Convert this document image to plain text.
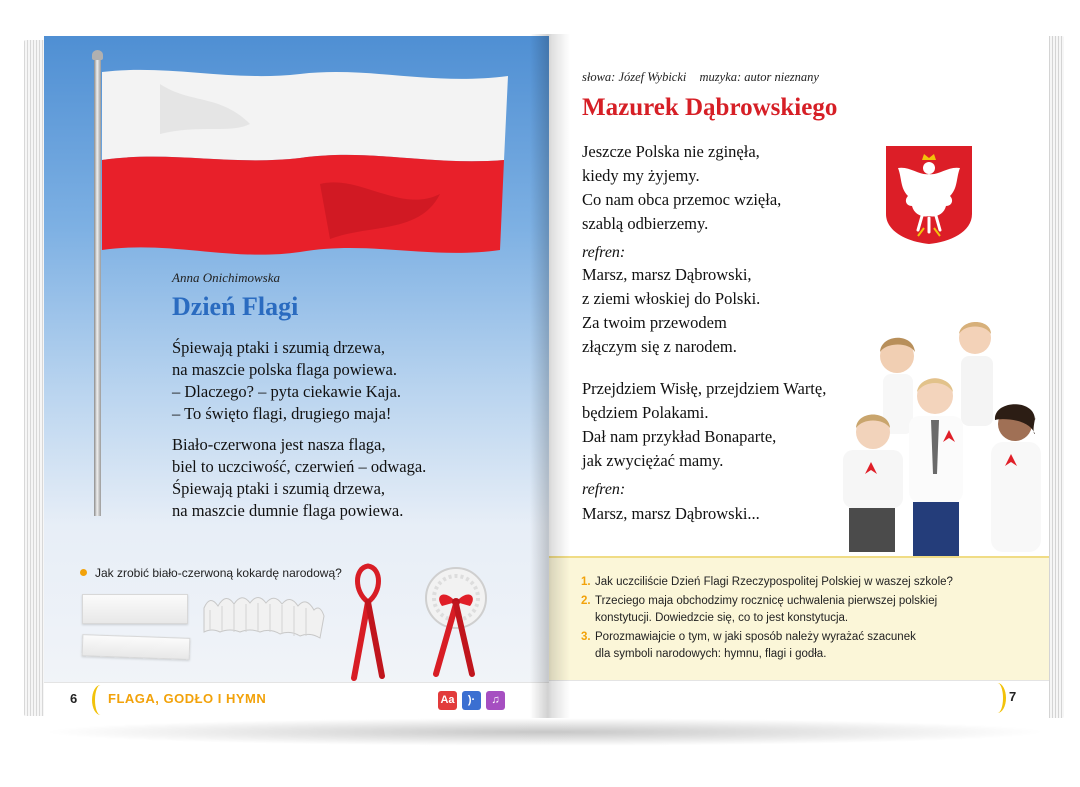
Anna Onichimowska
Dzień Flagi
Śpiewają ptaki i szumią drzewa,
na maszcie polska flaga powiewa.
– Dlaczego? – pyta ciekawie Kaja.
– To święto flagi, drugiego maja!
Biało-czerwona jest nasza flaga,
biel to uczciwość, czerwień – odwaga.
Śpiewają ptaki i szumią drzewa,
na maszcie dumnie flaga powiewa.
Jak zrobić biało-czerwoną kokardę narodową?
6 FLAGA, GODŁO I HYMN	Aa	)·	♫
słowa: Józef Wybicki muzyka: autor nieznany
Mazurek Dąbrowskiego
Jeszcze Polska nie zginęła,
kiedy my żyjemy.
Co nam obca przemoc wzięła,
szablą odbierzemy.
refren:
Marsz, marsz Dąbrowski,
z ziemi włoskiej do Polski.
Za twoim przewodem
złączym się z narodem.
Przejdziem Wisłę, przejdziem Wartę,
będziem Polakami.
Dał nam przykład Bonaparte,
jak zwyciężać mamy.
refren:
Marsz, marsz Dąbrowski...
1. Jak uczciliście Dzień Flagi Rzeczypospolitej Polskiej w waszej szkole?
2. Trzeciego maja obchodzimy rocznicę uchwalenia pierwszej polskiej
konstytucji. Dowiedzcie się, co to jest konstytucja.
3. Porozmawiajcie o tym, w jaki sposób należy wyrażać szacunek
dla symboli narodowych: hymnu, flagi i godła.
7
